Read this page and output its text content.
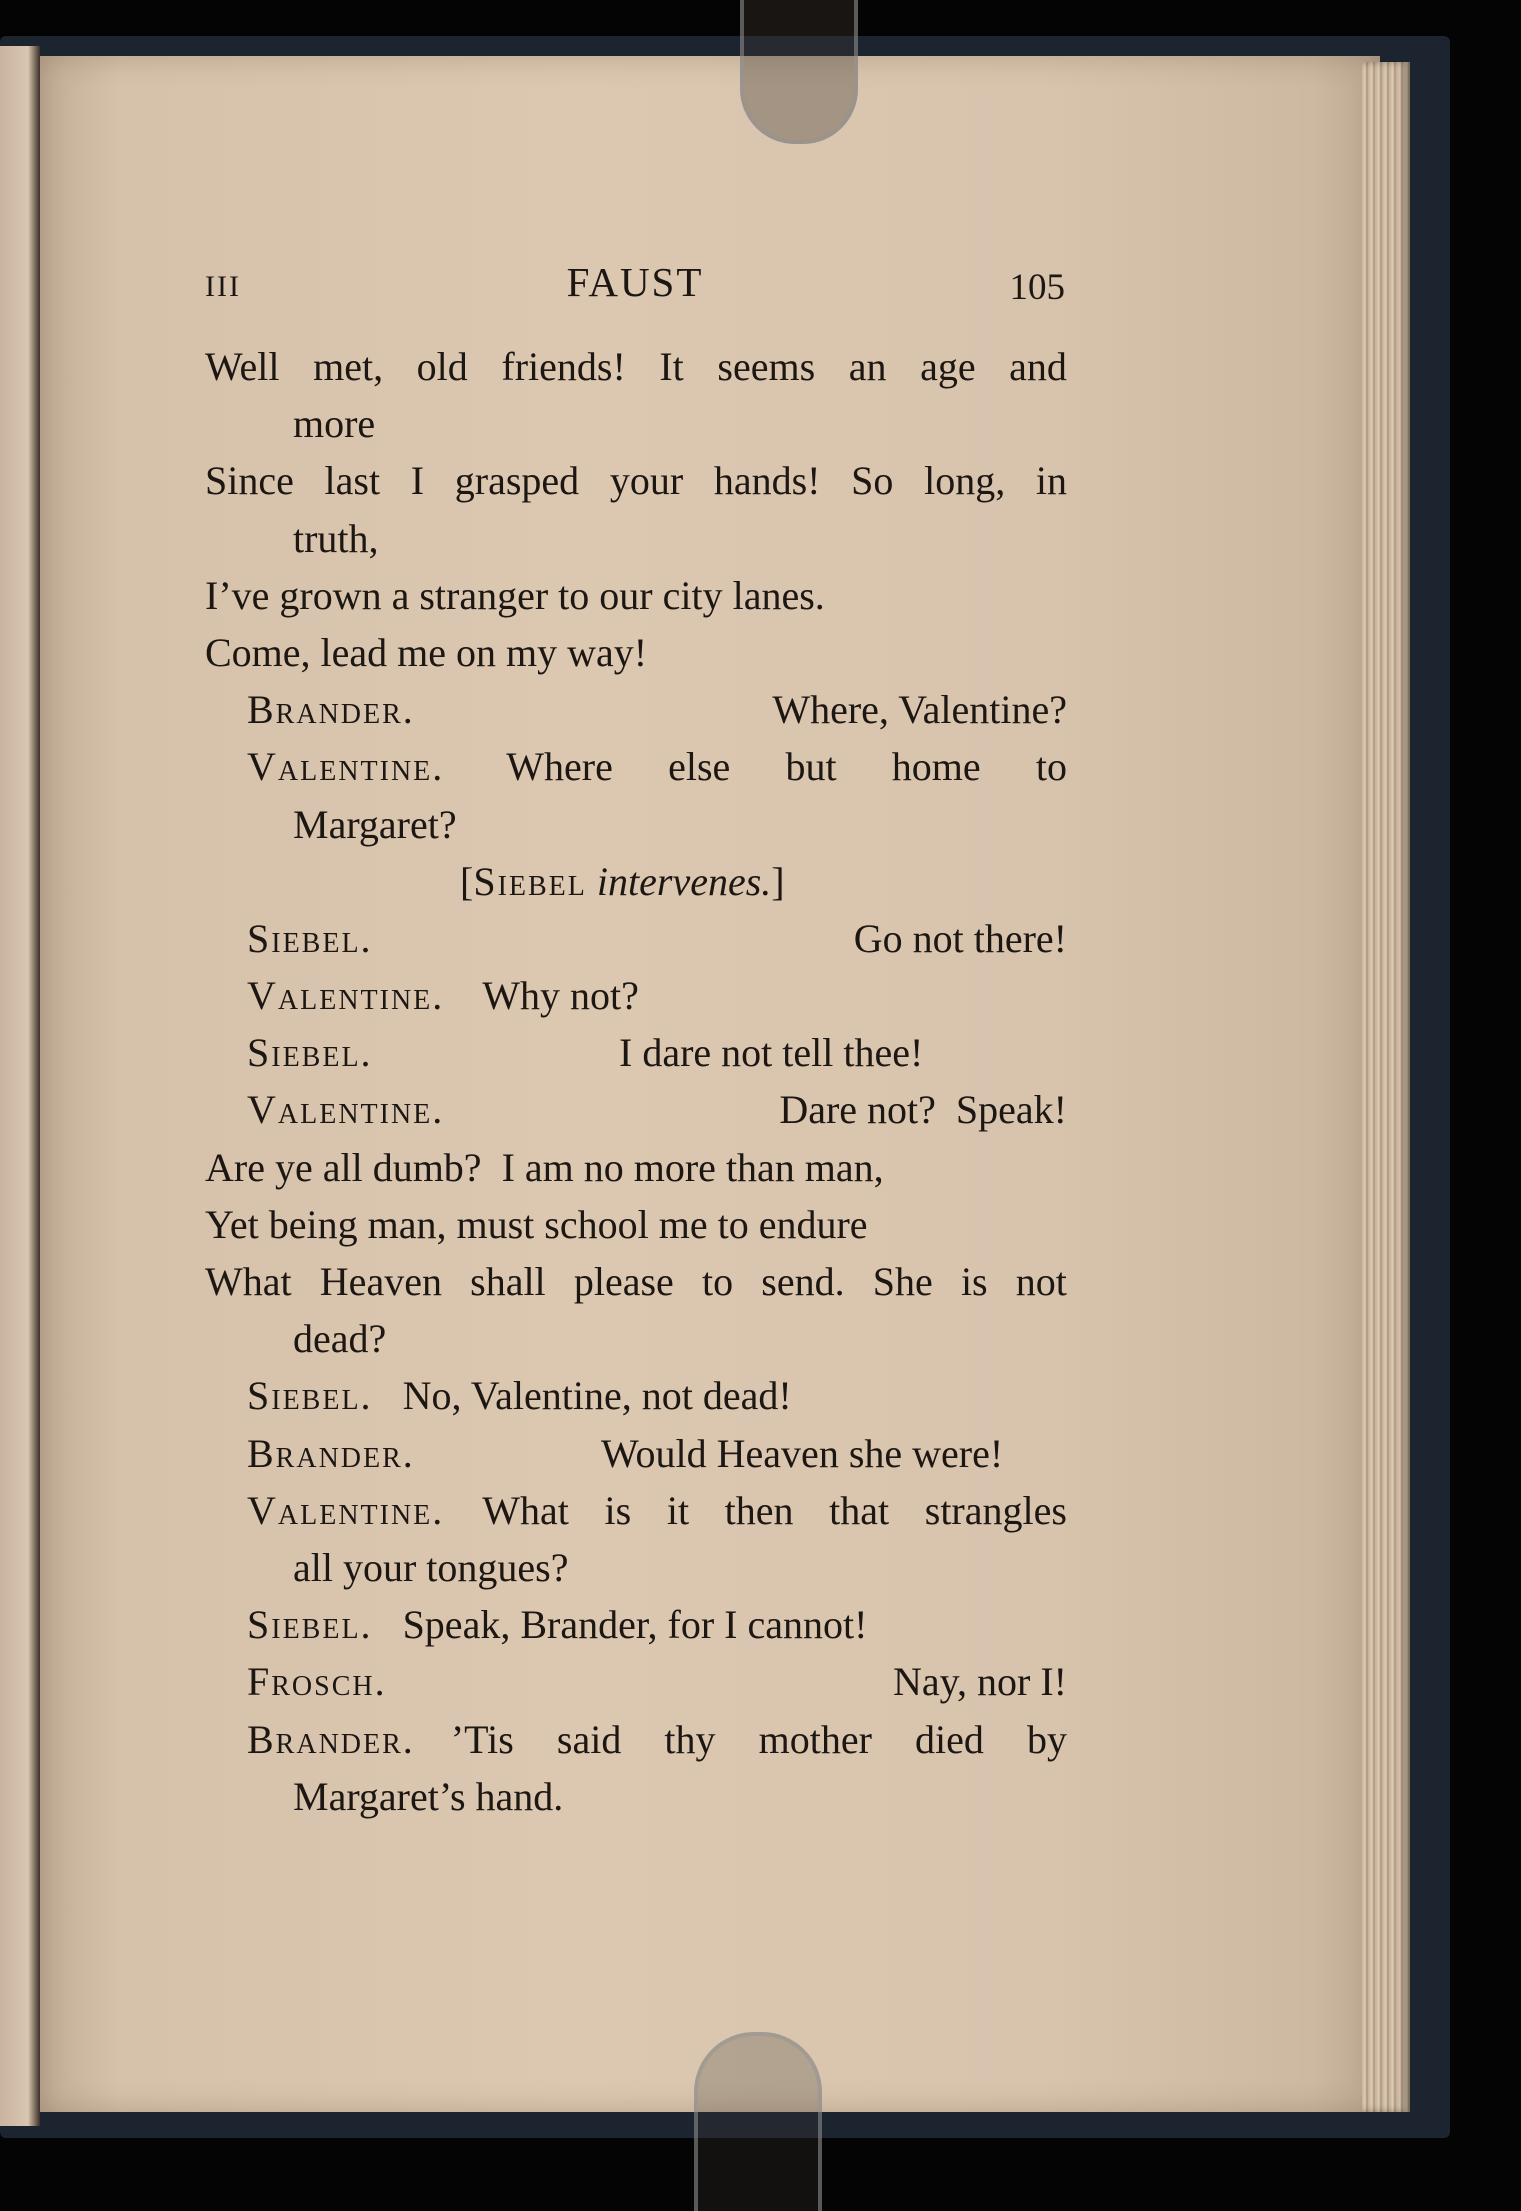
III	FAUST	105
Well met, old friends! It seems an age and
more
Since last I grasped your hands! So long, in
truth,
I’ve grown a stranger to our city lanes.
Come, lead me on my way!
Brander.	Where, Valentine?
Valentine. Where else but home to
Margaret?
[Siebel intervenes.]
Siebel.	Go not there!
Valentine. Why not?
Siebel.	I dare not tell thee!
Valentine.	Dare not?  Speak!
Are ye all dumb?  I am no more than man,
Yet being man, must school me to endure
What Heaven shall please to send. She is not
dead?
Siebel. No, Valentine, not dead!
Brander.	Would Heaven she were!
Valentine. What is it then that strangles
all your tongues?
Siebel. Speak, Brander, for I cannot!
Frosch.	Nay, nor I!
Brander. ’Tis said thy mother died by
Margaret’s hand.
